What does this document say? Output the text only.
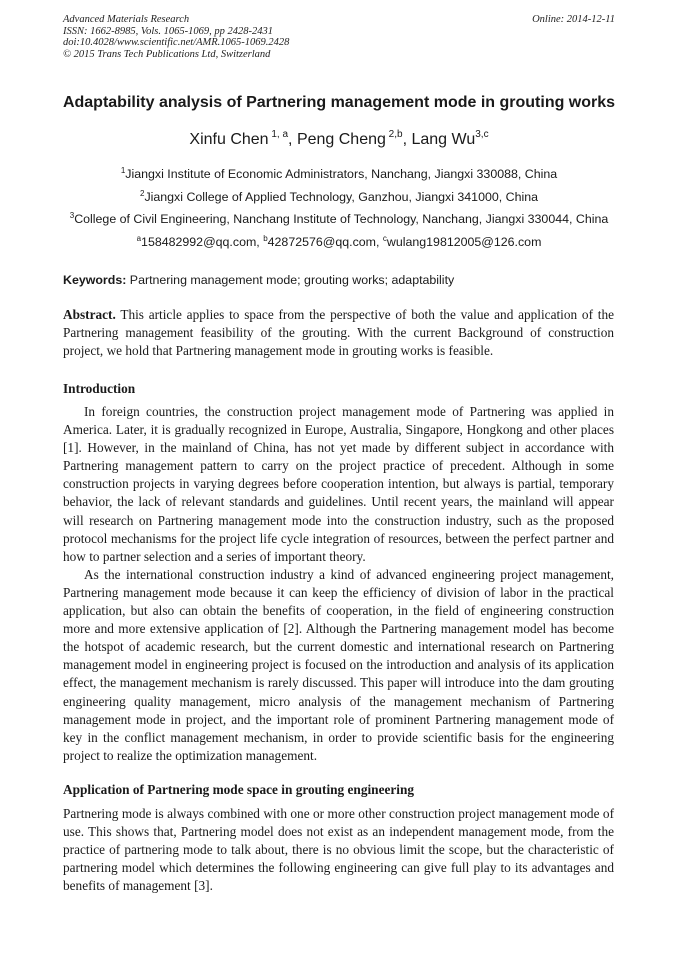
Advanced Materials Research
ISSN: 1662-8985, Vols. 1065-1069, pp 2428-2431
doi:10.4028/www.scientific.net/AMR.1065-1069.2428
© 2015 Trans Tech Publications Ltd, Switzerland
Online: 2014-12-11
Adaptability analysis of Partnering management mode in grouting works
Xinfu Chen $^{1, a}$, Peng Cheng $^{2,b}$, Lang Wu$^{3,c}$
$^1$Jiangxi Institute of Economic Administrators, Nanchang, Jiangxi 330088, China
$^2$Jiangxi College of Applied Technology, Ganzhou, Jiangxi 341000, China
$^3$College of Civil Engineering, Nanchang Institute of Technology, Nanchang, Jiangxi 330044, China
$^a$158482992@qq.com, $^b$42872576@qq.com, $^c$wulang19812005@126.com
Keywords: Partnering management mode; grouting works; adaptability
Abstract. This article applies to space from the perspective of both the value and application of the Partnering management feasibility of the grouting. With the current Background of construction project, we hold that Partnering management mode in grouting works is feasible.
Introduction

In foreign countries, the construction project management mode of Partnering was applied in America. Later, it is gradually recognized in Europe, Australia, Singapore, Hongkong and other places [1]. However, in the mainland of China, has not yet made by different subject in accordance with Partnering management pattern to carry on the project practice of precedent. Although in some construction projects in varying degrees before cooperation intention, but always is partial, temporary behavior, the lack of relevant standards and guidelines. Until recent years, the mainland will appear will research on Partnering management mode into the construction industry, such as the proposed protocol mechanisms for the project life cycle integration of resources, between the perfect partner and how to partner selection and a series of important theory.

As the international construction industry a kind of advanced engineering project management, Partnering management mode because it can keep the efficiency of division of labor in the practical application, but also can obtain the benefits of cooperation, in the field of engineering construction more and more extensive application of [2]. Although the Partnering management model has become the hotspot of academic research, but the current domestic and international research on Partnering management model in engineering project is focused on the introduction and analysis of its application effect, the management mechanism is rarely discussed. This paper will introduce into the dam grouting engineering quality management, micro analysis of the management mechanism of Partnering management mode in project, and the important role of prominent Partnering management mode of key in the conflict management mechanism, in order to provide scientific basis for the engineering project to realize the optimization management.

Application of Partnering mode space in grouting engineering

Partnering mode is always combined with one or more other construction project management mode of use. This shows that, Partnering model does not exist as an independent management mode, from the practice of partnering mode to talk about, there is no obvious limit the scope, but the characteristic of partnering model which determines the following engineering can give full play to its advantages and benefits of management [3].
